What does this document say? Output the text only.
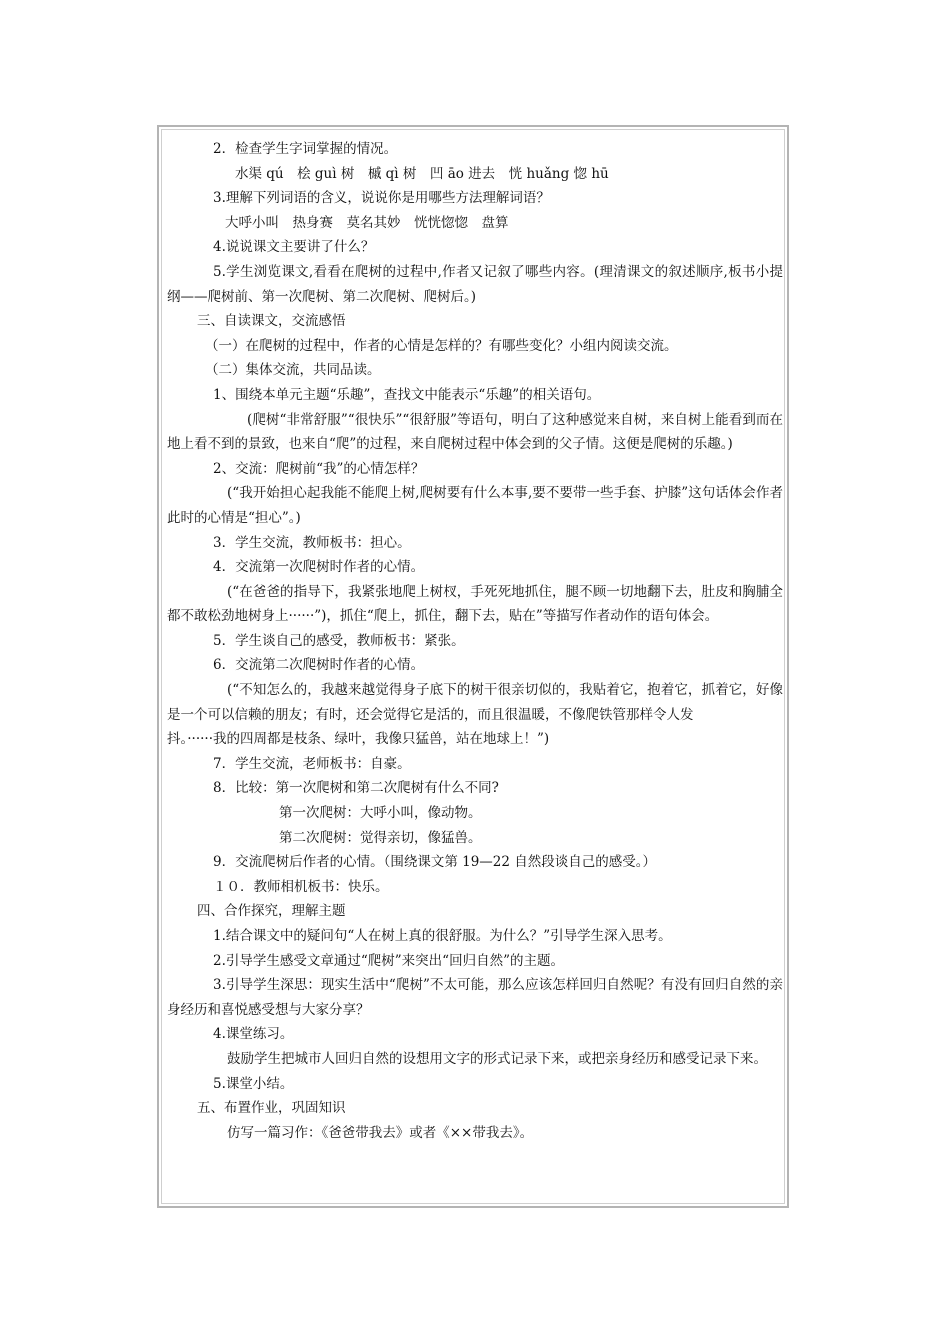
2．检查学生字词掌握的情况。

水渠 qú　桧 guì 树　槭 qì 树　凹 āo 进去　恍 huǎng 惚 hū

3.理解下列词语的含义，说说你是用哪些方法理解词语？

大呼小叫　热身赛　莫名其妙　恍恍惚惚　盘算

4.说说课文主要讲了什么？

5.学生浏览课文,看看在爬树的过程中,作者又记叙了哪些内容。(理清课文的叙述顺序,板书小提纲——爬树前、第一次爬树、第二次爬树、爬树后。)

三、自读课文，交流感悟

（一）在爬树的过程中，作者的心情是怎样的？有哪些变化？小组内阅读交流。

（二）集体交流，共同品读。

1、围绕本单元主题“乐趣”，查找文中能表示“乐趣”的相关语句。

(爬树“非常舒服”“很快乐”“很舒服”等语句，明白了这种感觉来自树，来自树上能看到而在地上看不到的景致，也来自“爬”的过程，来自爬树过程中体会到的父子情。这便是爬树的乐趣。)

2、交流：爬树前“我”的心情怎样？

(“我开始担心起我能不能爬上树,爬树要有什么本事,要不要带一些手套、护膝”这句话体会作者此时的心情是“担心”。)

3．学生交流，教师板书：担心。

4．交流第一次爬树时作者的心情。

(“在爸爸的指导下，我紧张地爬上树杈，手死死地抓住，腿不顾一切地翻下去，肚皮和胸脯全都不敢松劲地树身上······”)，抓住“爬上，抓住，翻下去，贴在”等描写作者动作的语句体会。

5．学生谈自己的感受，教师板书：紧张。

6．交流第二次爬树时作者的心情。

(“不知怎么的，我越来越觉得身子底下的树干很亲切似的，我贴着它，抱着它，抓着它，好像是一个可以信赖的朋友；有时，还会觉得它是活的，而且很温暖，不像爬铁管那样令人发

抖。······我的四周都是枝条、绿叶，我像只猛兽，站在地球上！”)

7．学生交流，老师板书：自豪。

8．比较：第一次爬树和第二次爬树有什么不同?

第一次爬树：大呼小叫，像动物。

第二次爬树：觉得亲切，像猛兽。

9．交流爬树后作者的心情。（围绕课文第 19—22 自然段谈自己的感受。）

１０．教师相机板书：快乐。

四、合作探究，理解主题

1.结合课文中的疑问句“人在树上真的很舒服。为什么？”引导学生深入思考。

2.引导学生感受文章通过“爬树”来突出“回归自然”的主题。

3.引导学生深思：现实生活中“爬树”不太可能，那么应该怎样回归自然呢？有没有回归自然的亲身经历和喜悦感受想与大家分享？

4.课堂练习。

鼓励学生把城市人回归自然的设想用文字的形式记录下来，或把亲身经历和感受记录下来。

5.课堂小结。

五、布置作业，巩固知识

仿写一篇习作：《爸爸带我去》或者《××带我去》。
